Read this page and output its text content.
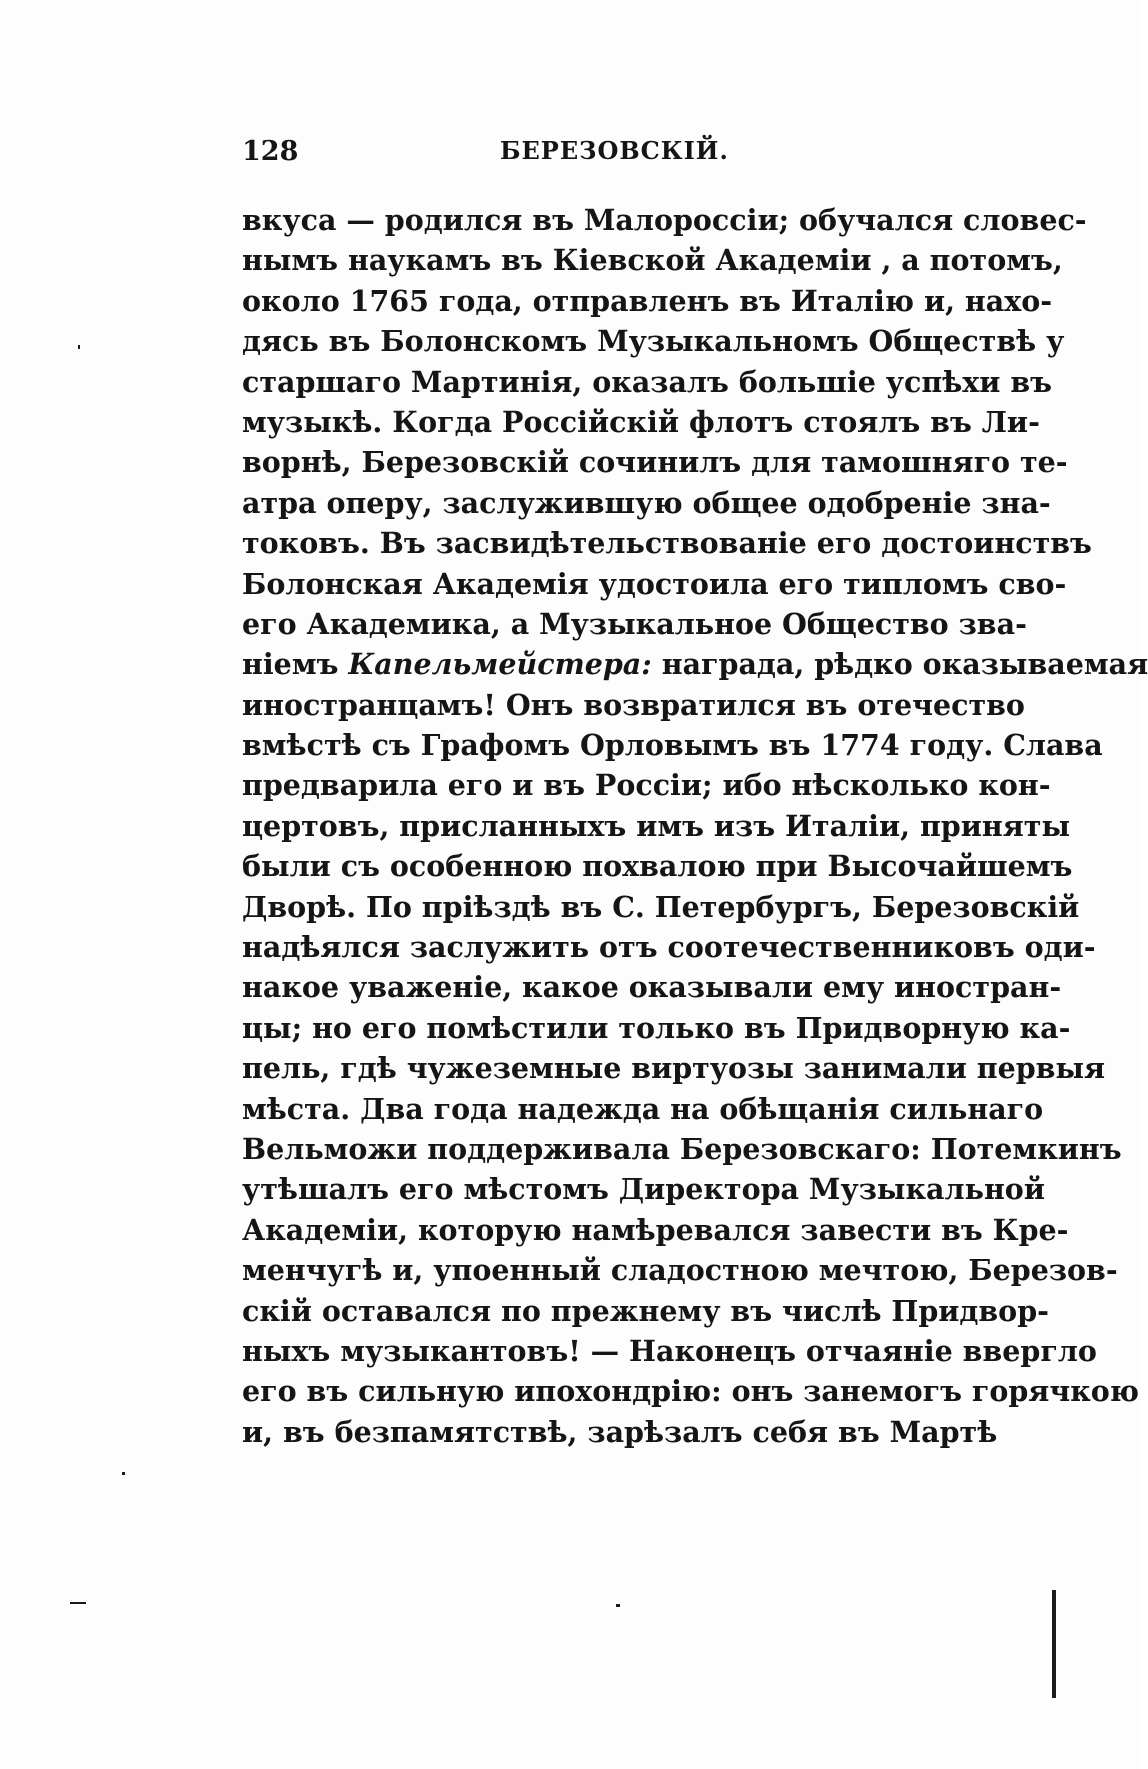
128	БЕРЕЗОВСКІЙ.
вкуса — родился въ Малороссіи; обучался словес-
нымъ наукамъ въ Кіевской Академіи , а потомъ,
около 1765 года, отправленъ въ Италію и, нахо-
дясь въ Болонскомъ Музыкальномъ Обществѣ у
старшаго Мартинія, оказалъ большіе успѣхи въ
музыкѣ. Когда Россійскій флотъ стоялъ въ Ли-
ворнѣ, Березовскій сочинилъ для тамошняго те-
атра оперу, заслужившую общее одобреніе зна-
токовъ. Въ засвидѣтельствованіе его достоинствъ
Болонская Академія удостоила его типломъ сво-
его Академика, а Музыкальное Общество зва-
ніемъ Капельмейстера: награда, рѣдко оказываемая
иностранцамъ! Онъ возвратился въ отечество
вмѣстѣ съ Графомъ Орловымъ въ 1774 году. Слава
предварила его и въ Россіи; ибо нѣсколько кон-
цертовъ, присланныхъ имъ изъ Италіи, приняты
были съ особенною похвалою при Высочайшемъ
Дворѣ. По пріѣздѣ въ С. Петербургъ, Березовскій
надѣялся заслужить отъ соотечественниковъ оди-
накое уваженіе, какое оказывали ему иностран-
цы; но его помѣстили только въ Придворную ка-
пель, гдѣ чужеземные виртуозы занимали первыя
мѣста. Два года надежда на обѣщанія сильнаго
Вельможи поддерживала Березовскаго: Потемкинъ
утѣшалъ его мѣстомъ Директора Музыкальной
Академіи, которую намѣревался завести въ Кре-
менчугѣ и, упоенный сладостною мечтою, Березов-
скій оставался по прежнему въ числѣ Придвор-
ныхъ музыкантовъ! — Наконецъ отчаяніе ввергло
его въ сильную ипохондрію: онъ занемогъ горячкою
и, въ безпамятствѣ, зарѣзалъ себя въ Мартѣ
